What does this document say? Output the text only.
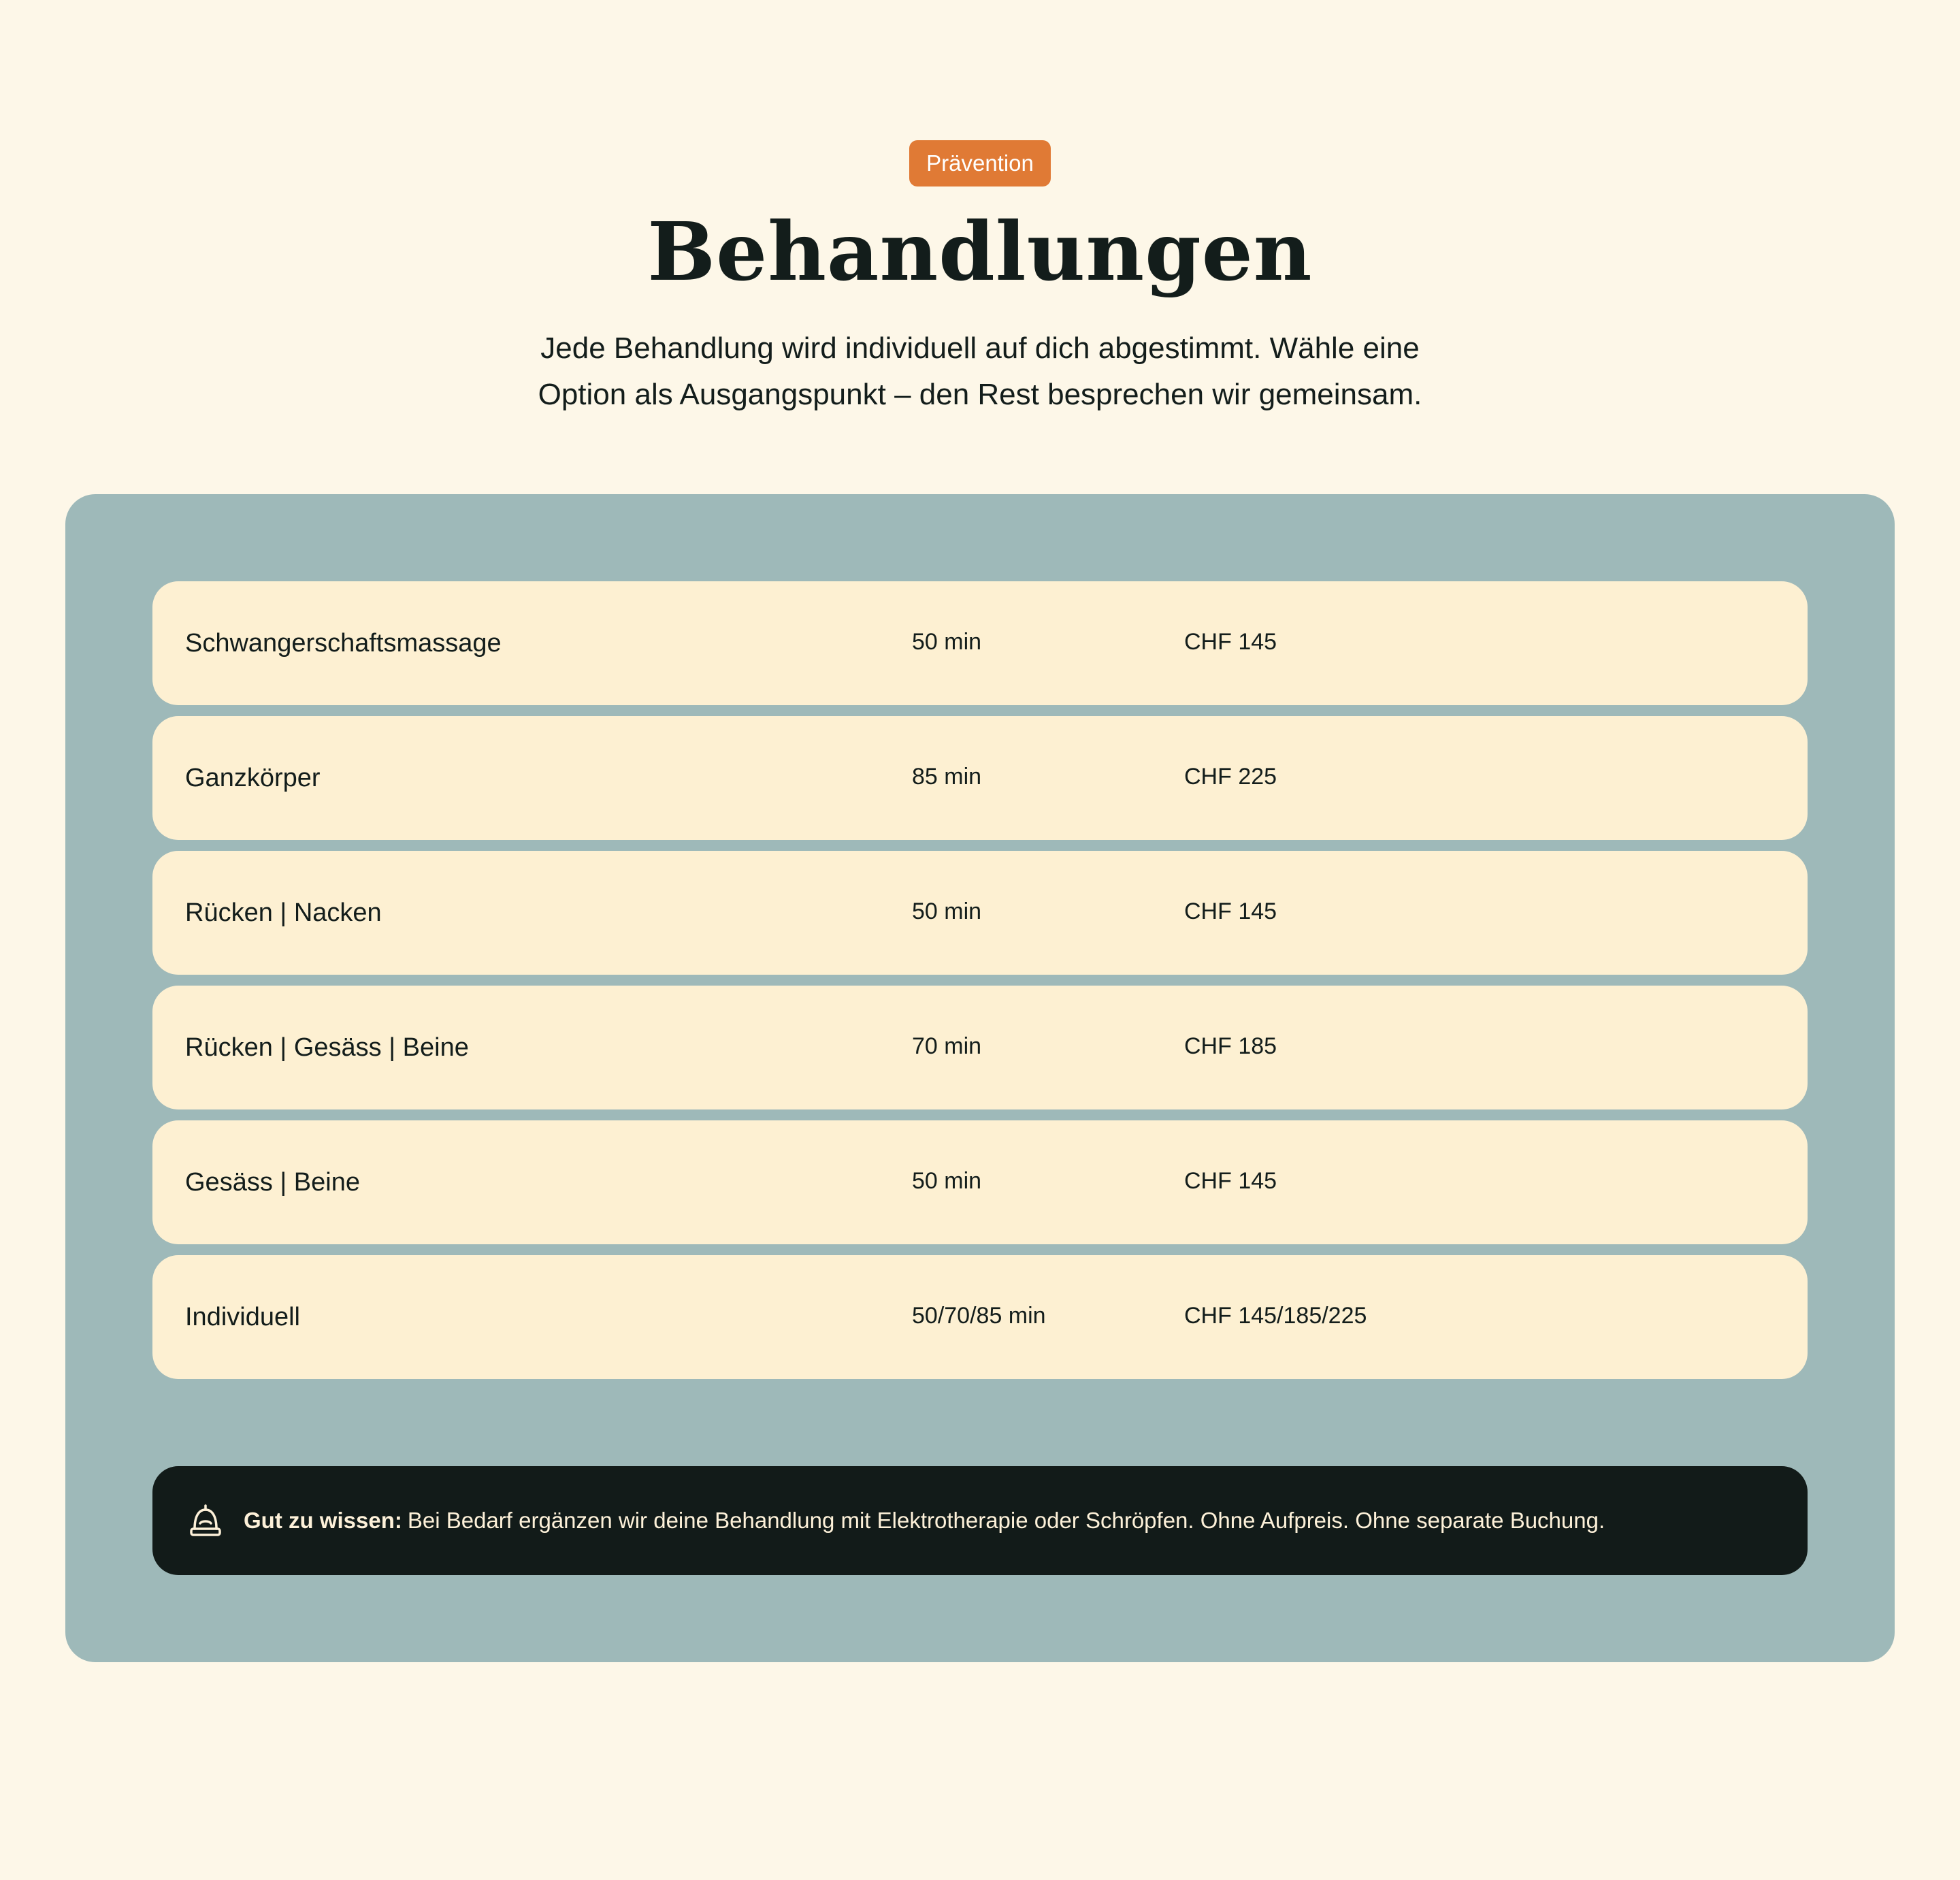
Prävention
Behandlungen

Jede Behandlung wird individuell auf dich abgestimmt. Wähle eine
Option als Ausgangspunkt – den Rest besprechen wir gemeinsam.

Schwangerschaftsmassage	50 min	CHF 145
Ganzkörper	85 min	CHF 225
Rücken | Nacken	50 min	CHF 145
Rücken | Gesäss | Beine	70 min	CHF 185
Gesäss | Beine	50 min	CHF 145
Individuell	50/70/85 min	CHF 145/185/225
Gut zu wissen: Bei Bedarf ergänzen wir deine Behandlung mit Elektrotherapie oder Schröpfen. Ohne Aufpreis. Ohne separate Buchung.
